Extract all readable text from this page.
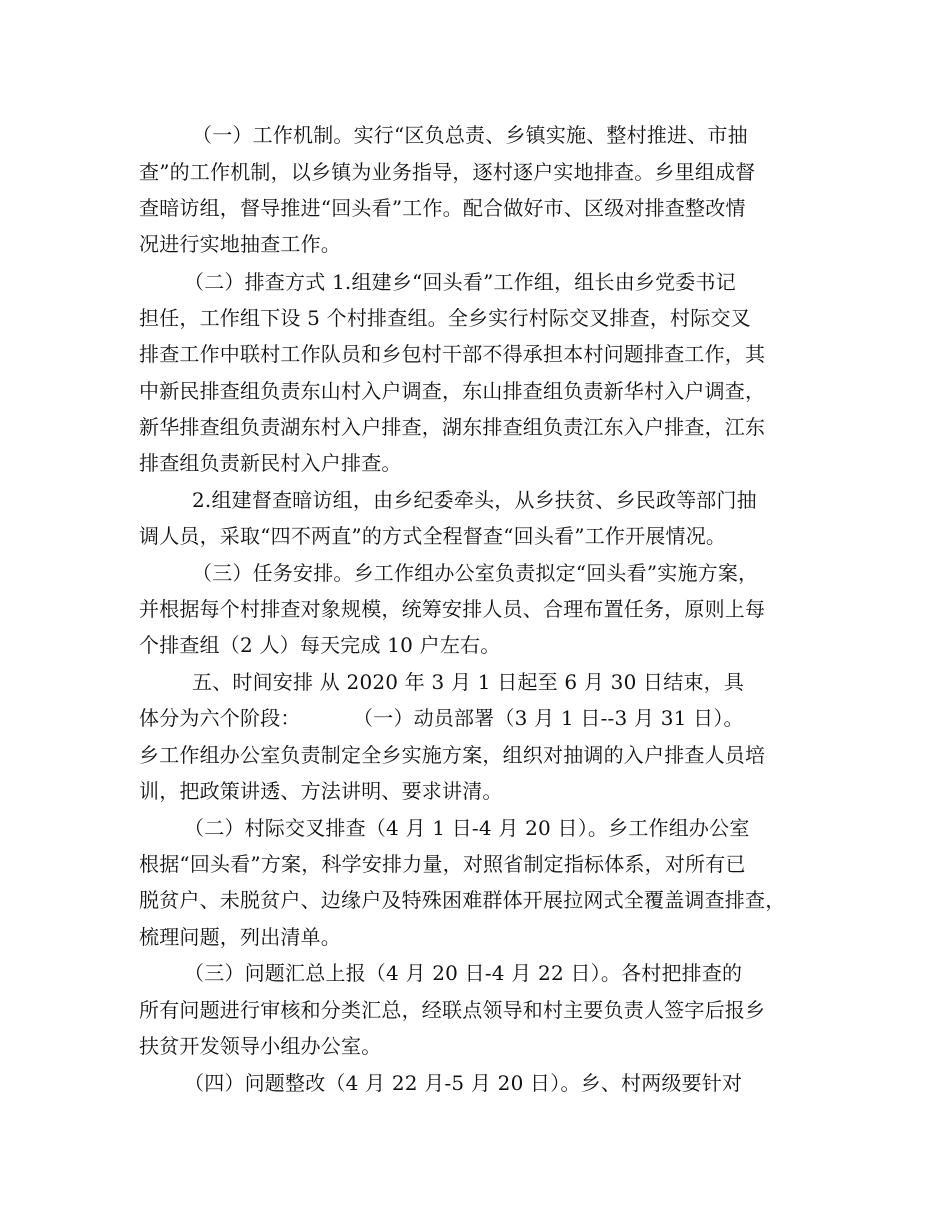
（一）工作机制。实行“区负总责、乡镇实施、整村推进、市抽
查”的工作机制，以乡镇为业务指导，逐村逐户实地排查。乡里组成督
查暗访组，督导推进“回头看”工作。配合做好市、区级对排查整改情
况进行实地抽查工作。
（二）排查方式 1.组建乡“回头看”工作组，组长由乡党委书记
担任，工作组下设 5 个村排查组。全乡实行村际交叉排查，村际交叉
排查工作中联村工作队员和乡包村干部不得承担本村问题排查工作，其
中新民排查组负责东山村入户调查，东山排查组负责新华村入户调查，
新华排查组负责湖东村入户排查，湖东排查组负责江东入户排查，江东
排查组负责新民村入户排查。
2.组建督查暗访组，由乡纪委牵头，从乡扶贫、乡民政等部门抽
调人员，采取“四不两直”的方式全程督查“回头看”工作开展情况。
（三）任务安排。乡工作组办公室负责拟定“回头看”实施方案，
并根据每个村排查对象规模，统筹安排人员、合理布置任务，原则上每
个排查组（2 人）每天完成 10 户左右。
五、时间安排 从 2020 年 3 月 1 日起至 6 月 30 日结束，具
体分为六个阶段：        （一）动员部署（3 月 1 日--3 月 31 日）。
乡工作组办公室负责制定全乡实施方案，组织对抽调的入户排查人员培
训，把政策讲透、方法讲明、要求讲清。
（二）村际交叉排查（4 月 1 日-4 月 20 日）。乡工作组办公室
根据“回头看”方案，科学安排力量，对照省制定指标体系，对所有已
脱贫户、未脱贫户、边缘户及特殊困难群体开展拉网式全覆盖调查排查，
梳理问题，列出清单。
（三）问题汇总上报（4 月 20 日-4 月 22 日）。各村把排查的
所有问题进行审核和分类汇总，经联点领导和村主要负责人签字后报乡
扶贫开发领导小组办公室。
（四）问题整改（4 月 22 月-5 月 20 日）。乡、村两级要针对
